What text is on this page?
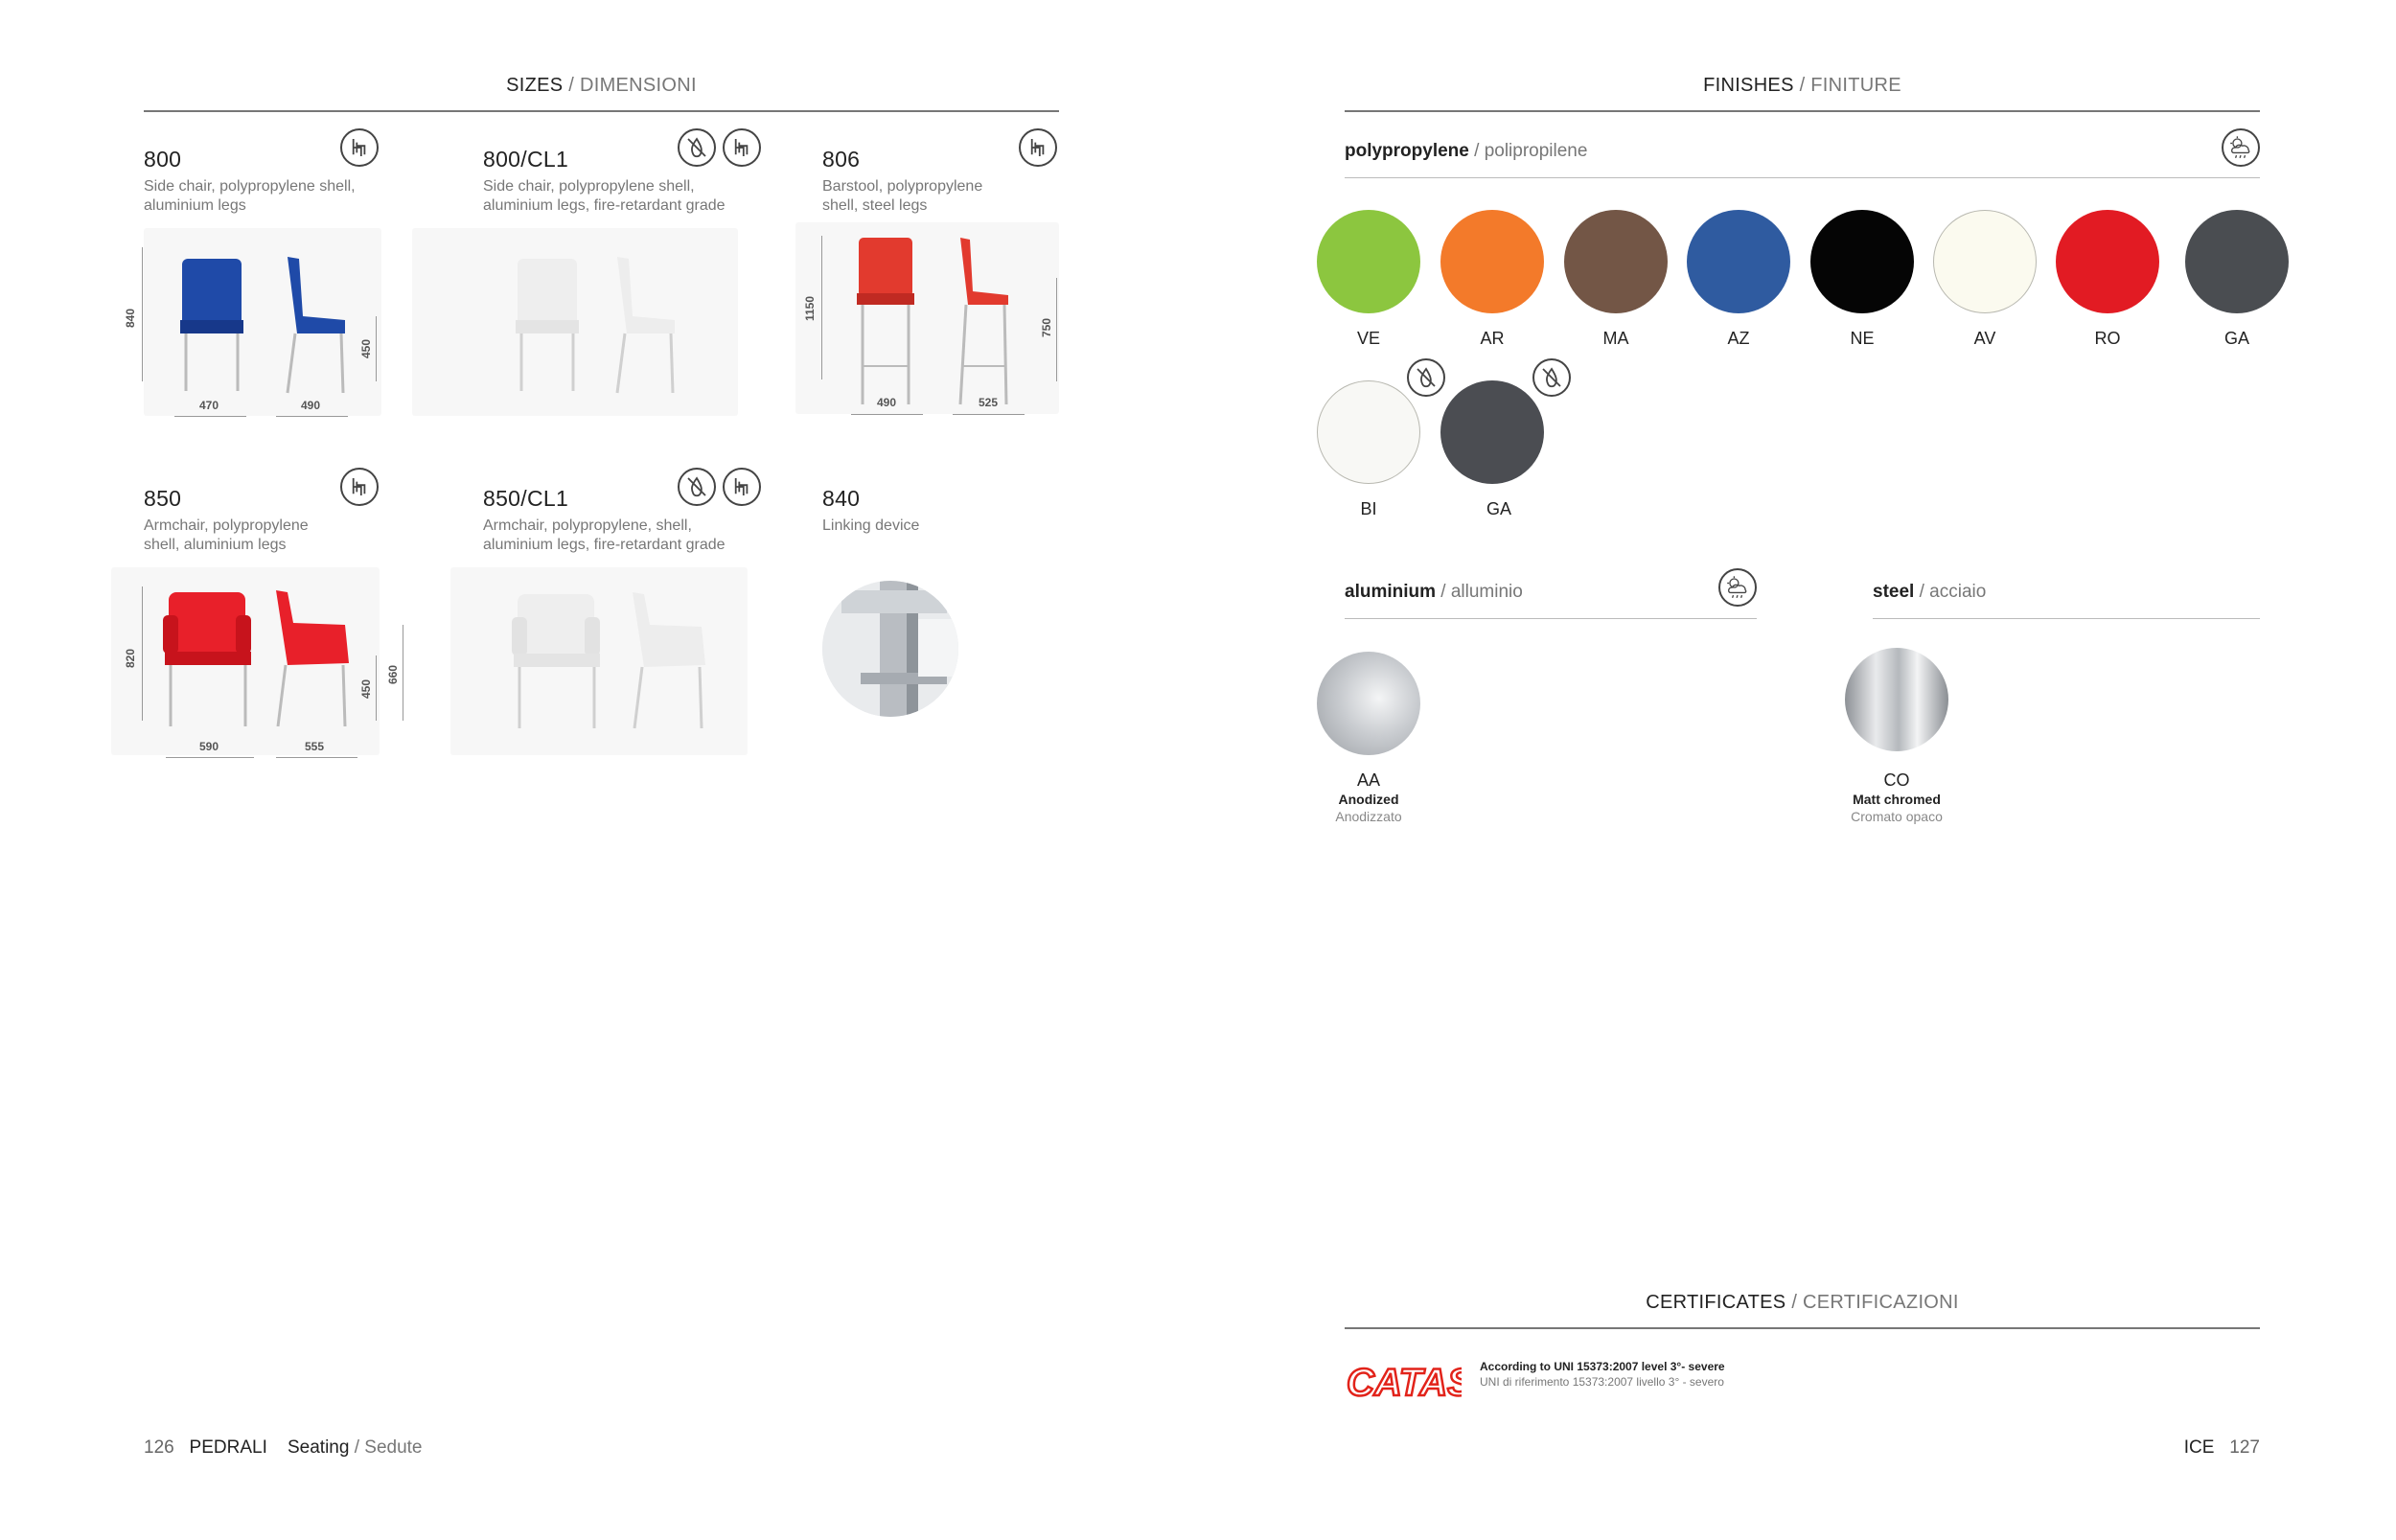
SIZES / DIMENSIONI
800
Side chair, polypropylene shell,
aluminium legs
840
450
470	490
800/CL1
Side chair, polypropylene shell,
aluminium legs, fire-retardant grade
806
Barstool, polypropylene
shell, steel legs
1150
750
490	525
850
Armchair, polypropylene
shell, aluminium legs
820
450
660
590	555
850/CL1
Armchair, polypropylene, shell,
aluminium legs, fire-retardant grade
840
Linking device
126 PEDRALI Seating / Sedute
FINISHES / FINITURE
polypropylene / polipropilene
VE	AR	MA	AZ	NE	AV	RO	GA
BI	GA
aluminium / alluminio
AA
Anodized
Anodizzato
steel / acciaio
CO
Matt chromed
Cromato opaco
CERTIFICATES / CERTIFICAZIONI
CATAS According to UNI 15373:2007 level 3°- severe
UNI di riferimento 15373:2007 livello 3° - severo
ICE 127
